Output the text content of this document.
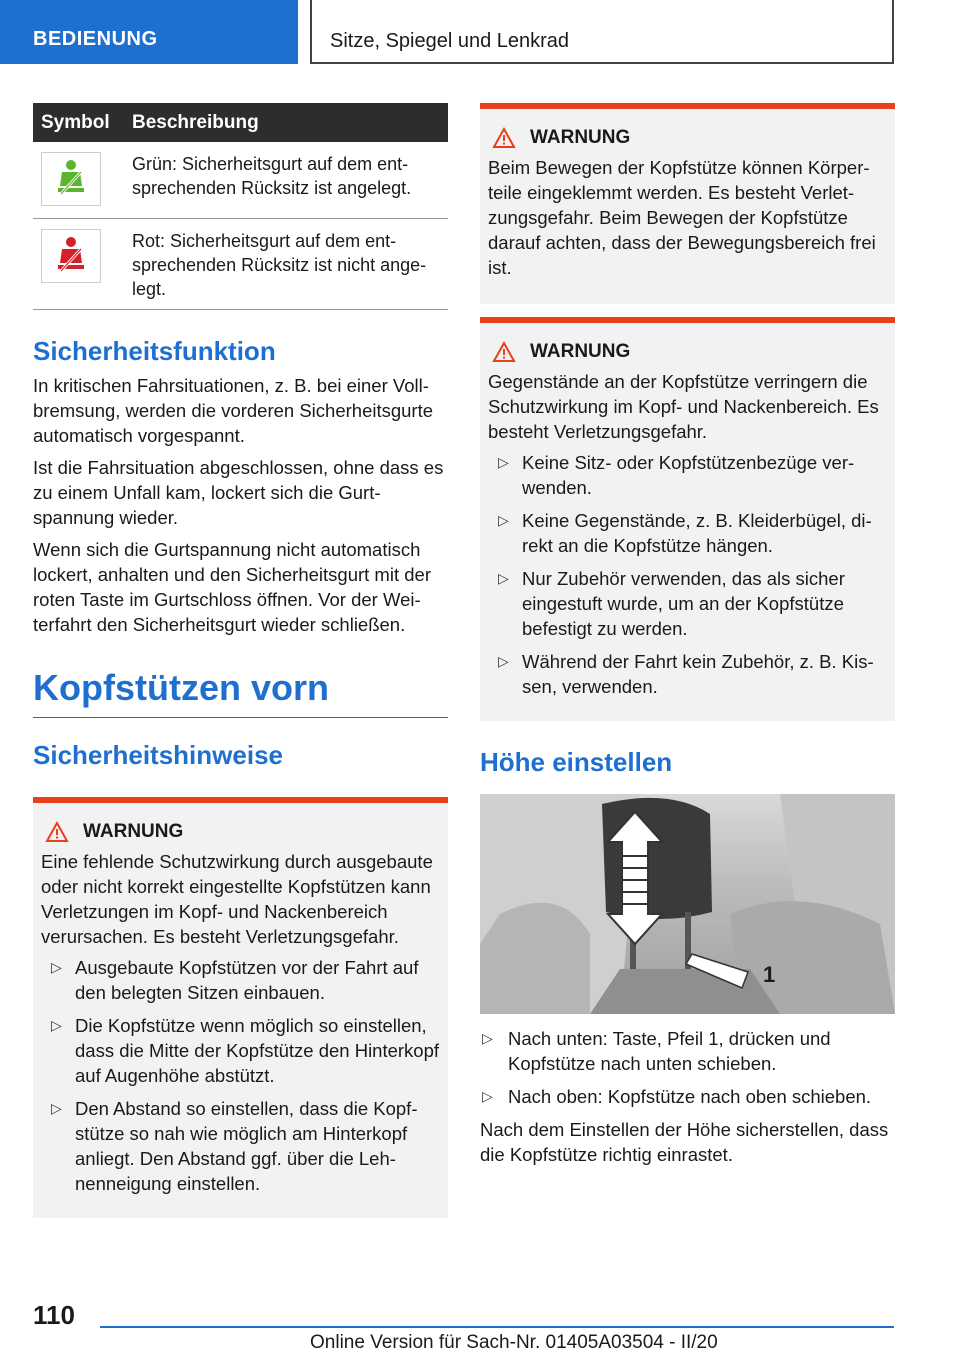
BEDIENUNG	Sitze, Spiegel und Lenkrad
Symbol	Beschreibung

	Grün: Sicherheitsgurt auf dem entsprechenden Rücksitz ist angelegt.

	Rot: Sicherheitsgurt auf dem entsprechenden Rücksitz ist nicht angelegt.
Sicherheitsfunktion

In kritischen Fahrsituationen, z. B. bei einer Vollbremsung, werden die vorderen Sicherheitsgurte automatisch vorgespannt.

Ist die Fahrsituation abgeschlossen, ohne dass es zu einem Unfall kam, lockert sich die Gurtspannung wieder.

Wenn sich die Gurtspannung nicht automatisch lockert, anhalten und den Sicherheitsgurt mit der roten Taste im Gurtschloss öffnen. Vor der Weiterfahrt den Sicherheitsgurt wieder schließen.

Kopfstützen vorn
Sicherheitshinweise
WARNUNG
Eine fehlende Schutzwirkung durch ausgebaute oder nicht korrekt eingestellte Kopfstützen kann Verletzungen im Kopf- und Nackenbereich verursachen. Es besteht Verletzungsgefahr.
▷ Ausgebaute Kopfstützen vor der Fahrt auf den belegten Sitzen einbauen.
▷ Die Kopfstütze wenn möglich so einstellen, dass die Mitte der Kopfstütze den Hinterkopf auf Augenhöhe abstützt.
▷ Den Abstand so einstellen, dass die Kopfstütze so nah wie möglich am Hinterkopf anliegt. Den Abstand ggf. über die Lehnenneigung einstellen.
WARNUNG
Beim Bewegen der Kopfstütze können Körperteile eingeklemmt werden. Es besteht Verletzungsgefahr. Beim Bewegen der Kopfstütze darauf achten, dass der Bewegungsbereich frei ist.
WARNUNG
Gegenstände an der Kopfstütze verringern die Schutzwirkung im Kopf- und Nackenbereich. Es besteht Verletzungsgefahr.
▷ Keine Sitz- oder Kopfstützenbezüge verwenden.
▷ Keine Gegenstände, z. B. Kleiderbügel, direkt an die Kopfstütze hängen.
▷ Nur Zubehör verwenden, das als sicher eingestuft wurde, um an der Kopfstütze befestigt zu werden.
▷ Während der Fahrt kein Zubehör, z. B. Kissen, verwenden.
Höhe einstellen
1
▷ Nach unten: Taste, Pfeil 1, drücken und Kopfstütze nach unten schieben.
▷ Nach oben: Kopfstütze nach oben schieben.

Nach dem Einstellen der Höhe sicherstellen, dass die Kopfstütze richtig einrastet.

110
Online Version für Sach-Nr. 01405A03504 - II/20
